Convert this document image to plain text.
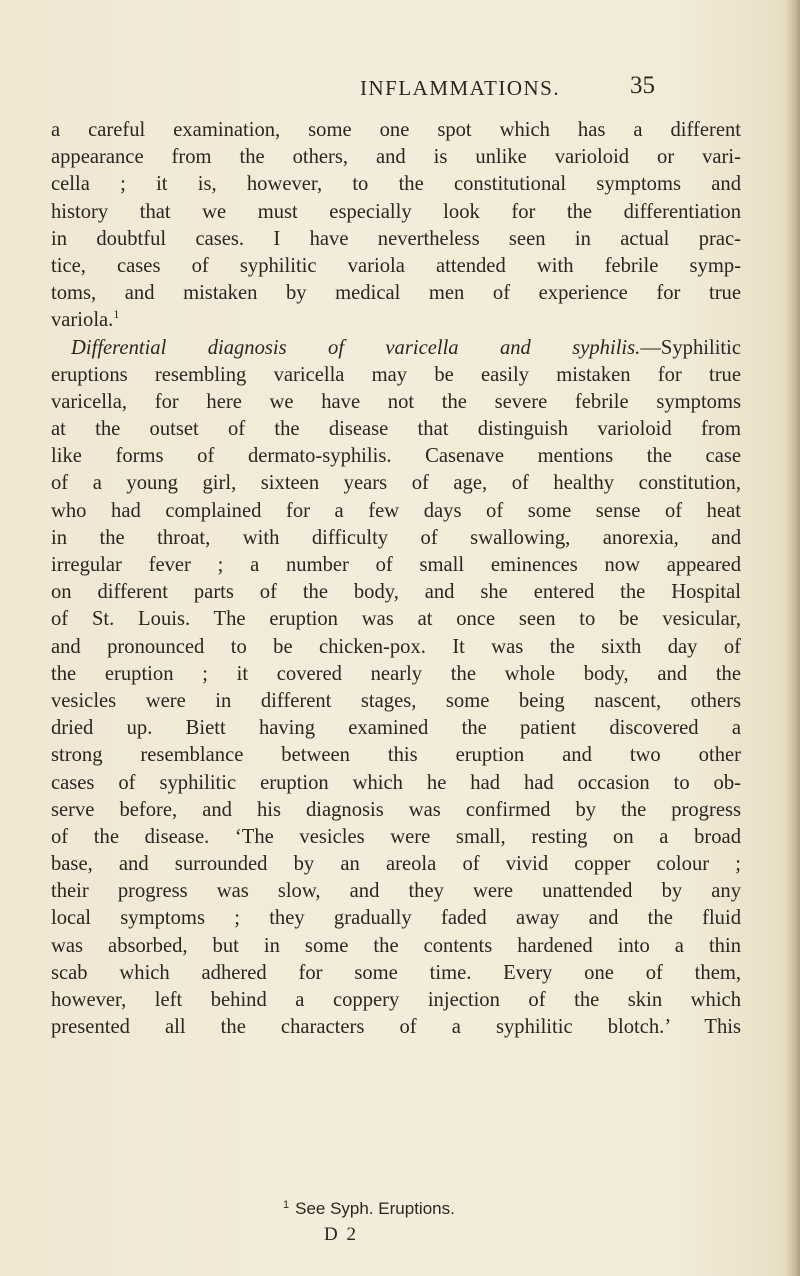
INFLAMMATIONS.	35
a careful examination, some one spot which has a different
appearance from the others, and is unlike varioloid or vari-
cella ; it is, however, to the constitutional symptoms and
history that we must especially look for the differentiation
in doubtful cases. I have nevertheless seen in actual prac-
tice, cases of syphilitic variola attended with febrile symp-
toms, and mistaken by medical men of experience for true
variola.$^1$
Differential diagnosis of varicella and syphilis.—Syphilitic
eruptions resembling varicella may be easily mistaken for true
varicella, for here we have not the severe febrile symptoms
at the outset of the disease that distinguish varioloid from
like forms of dermato-syphilis. Casenave mentions the case
of a young girl, sixteen years of age, of healthy constitution,
who had complained for a few days of some sense of heat
in the throat, with difficulty of swallowing, anorexia, and
irregular fever ; a number of small eminences now appeared
on different parts of the body, and she entered the Hospital
of St. Louis. The eruption was at once seen to be vesicular,
and pronounced to be chicken-pox. It was the sixth day of
the eruption ; it covered nearly the whole body, and the
vesicles were in different stages, some being nascent, others
dried up. Biett having examined the patient discovered a
strong resemblance between this eruption and two other
cases of syphilitic eruption which he had had occasion to ob-
serve before, and his diagnosis was confirmed by the progress
of the disease. ‘The vesicles were small, resting on a broad
base, and surrounded by an areola of vivid copper colour ;
their progress was slow, and they were unattended by any
local symptoms ; they gradually faded away and the fluid
was absorbed, but in some the contents hardened into a thin
scab which adhered for some time. Every one of them,
however, left behind a coppery injection of the skin which
presented all the characters of a syphilitic blotch.’ This
$^1$ See Syph. Eruptions.
D 2
